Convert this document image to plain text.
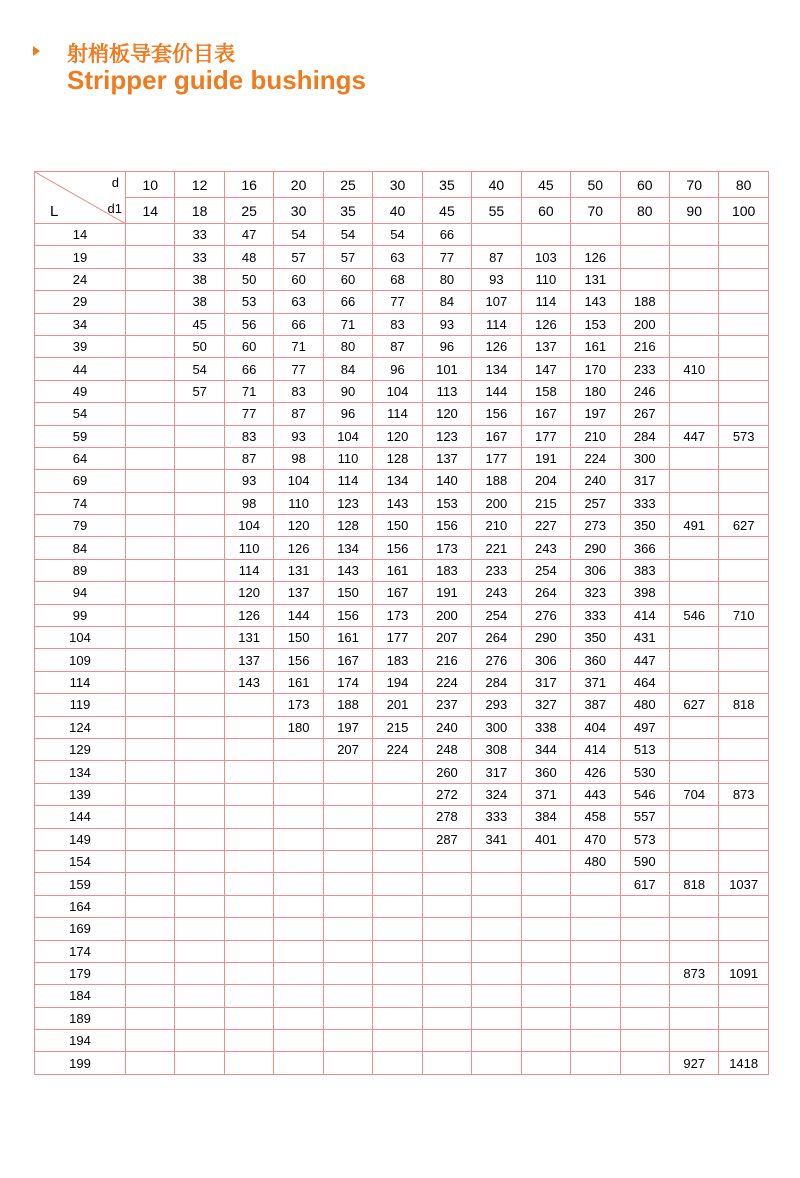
射梢板导套价目表
Stripper guide bushings
d
d1
L	10	12	16	20	25	30	35	40	45	50	60	70	80
	14	18	25	30	35	40	45	55	60	70	80	90	100
14		33	47	54	54	54	66						
19		33	48	57	57	63	77	87	103	126			
24		38	50	60	60	68	80	93	110	131			
29		38	53	63	66	77	84	107	114	143	188		
34		45	56	66	71	83	93	114	126	153	200		
39		50	60	71	80	87	96	126	137	161	216		
44		54	66	77	84	96	101	134	147	170	233	410	
49		57	71	83	90	104	113	144	158	180	246		
54			77	87	96	114	120	156	167	197	267		
59			83	93	104	120	123	167	177	210	284	447	573
64			87	98	110	128	137	177	191	224	300		
69			93	104	114	134	140	188	204	240	317		
74			98	110	123	143	153	200	215	257	333		
79			104	120	128	150	156	210	227	273	350	491	627
84			110	126	134	156	173	221	243	290	366		
89			114	131	143	161	183	233	254	306	383		
94			120	137	150	167	191	243	264	323	398		
99			126	144	156	173	200	254	276	333	414	546	710
104			131	150	161	177	207	264	290	350	431		
109			137	156	167	183	216	276	306	360	447		
114			143	161	174	194	224	284	317	371	464		
119				173	188	201	237	293	327	387	480	627	818
124				180	197	215	240	300	338	404	497		
129					207	224	248	308	344	414	513		
134							260	317	360	426	530		
139							272	324	371	443	546	704	873
144							278	333	384	458	557		
149							287	341	401	470	573		
154										480	590		
159											617	818	1037
164													
169													
174													
179												873	1091
184													
189													
194													
199												927	1418
